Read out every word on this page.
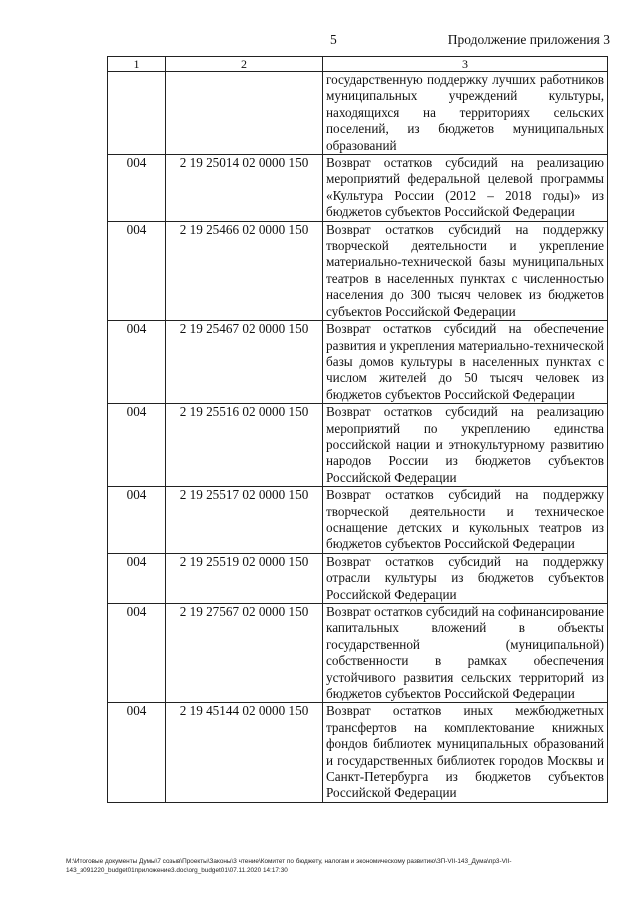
5	Продолжение приложения 3
1	2	3
		государственную поддержку лучших работников муниципальных учреждений культуры, находящихся на территориях сельских поселений, из бюджетов муниципальных образований
004	2 19 25014 02 0000 150	Возврат остатков субсидий на реализацию мероприятий федеральной целевой программы «Культура России (2012 – 2018 годы)» из бюджетов субъектов Российской Федерации
004	2 19 25466 02 0000 150	Возврат остатков субсидий на поддержку творческой деятельности и укрепление материально-технической базы муниципальных театров в населенных пунктах с численностью населения до 300 тысяч человек из бюджетов субъектов Российской Федерации
004	2 19 25467 02 0000 150	Возврат остатков субсидий на обеспечение развития и укрепления материально-технической базы домов культуры в населенных пунктах с числом жителей до 50 тысяч человек из бюджетов субъектов Российской Федерации
004	2 19 25516 02 0000 150	Возврат остатков субсидий на реализацию мероприятий по укреплению единства российской нации и этнокультурному развитию народов России из бюджетов субъектов Российской Федерации
004	2 19 25517 02 0000 150	Возврат остатков субсидий на поддержку творческой деятельности и техническое оснащение детских и кукольных театров из бюджетов субъектов Российской Федерации
004	2 19 25519 02 0000 150	Возврат остатков субсидий на поддержку отрасли культуры из бюджетов субъектов Российской Федерации
004	2 19 27567 02 0000 150	Возврат остатков субсидий на софинансирование капитальных вложений в объекты государственной (муниципальной) собственности в рамках обеспечения устойчивого развития сельских территорий из бюджетов субъектов Российской Федерации
004	2 19 45144 02 0000 150	Возврат остатков иных межбюджетных трансфертов на комплектование книжных фондов библиотек муниципальных образований и государственных библиотек городов Москвы и Санкт-Петербурга из бюджетов субъектов Российской Федерации
M:\Итоговые документы Думы\7 созыв\Проекты\Законы\3 чтение\Комитет по бюджету, налогам и экономическому развитию\ЗП-VII-143_Дума\пр3-VII-143_з091220_budget01приложение3.doc\org_budget01\07.11.2020 14:17:30
